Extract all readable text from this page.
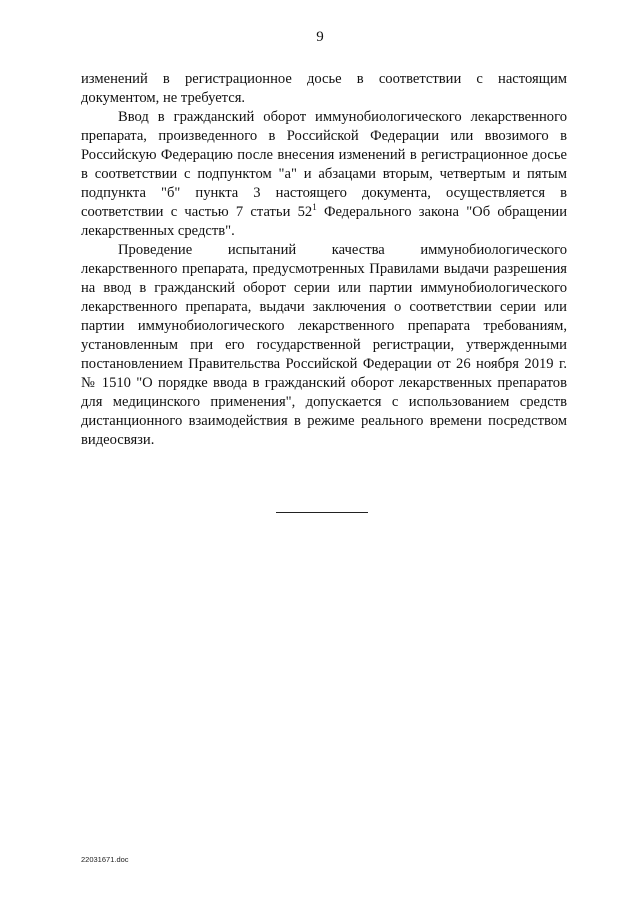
9

изменений в регистрационное досье в соответствии с настоящим документом, не требуется.

Ввод в гражданский оборот иммунобиологического лекарственного препарата, произведенного в Российской Федерации или ввозимого в Российскую Федерацию после внесения изменений в регистрационное досье в соответствии с подпунктом "а" и абзацами вторым, четвертым и пятым подпункта "б" пункта 3 настоящего документа, осуществляется в соответствии с частью 7 статьи $52^1$ Федерального закона "Об обращении лекарственных средств".

Проведение испытаний качества иммунобиологического лекарственного препарата, предусмотренных Правилами выдачи разрешения на ввод в гражданский оборот серии или партии иммунобиологического лекарственного препарата, выдачи заключения о соответствии серии или партии иммунобиологического лекарственного препарата требованиям, установленным при его государственной регистрации, утвержденными постановлением Правительства Российской Федерации от 26 ноября 2019 г. № 1510 "О порядке ввода в гражданский оборот лекарственных препаратов для медицинского применения", допускается с использованием средств дистанционного взаимодействия в режиме реального времени посредством видеосвязи.

22031671.doc
